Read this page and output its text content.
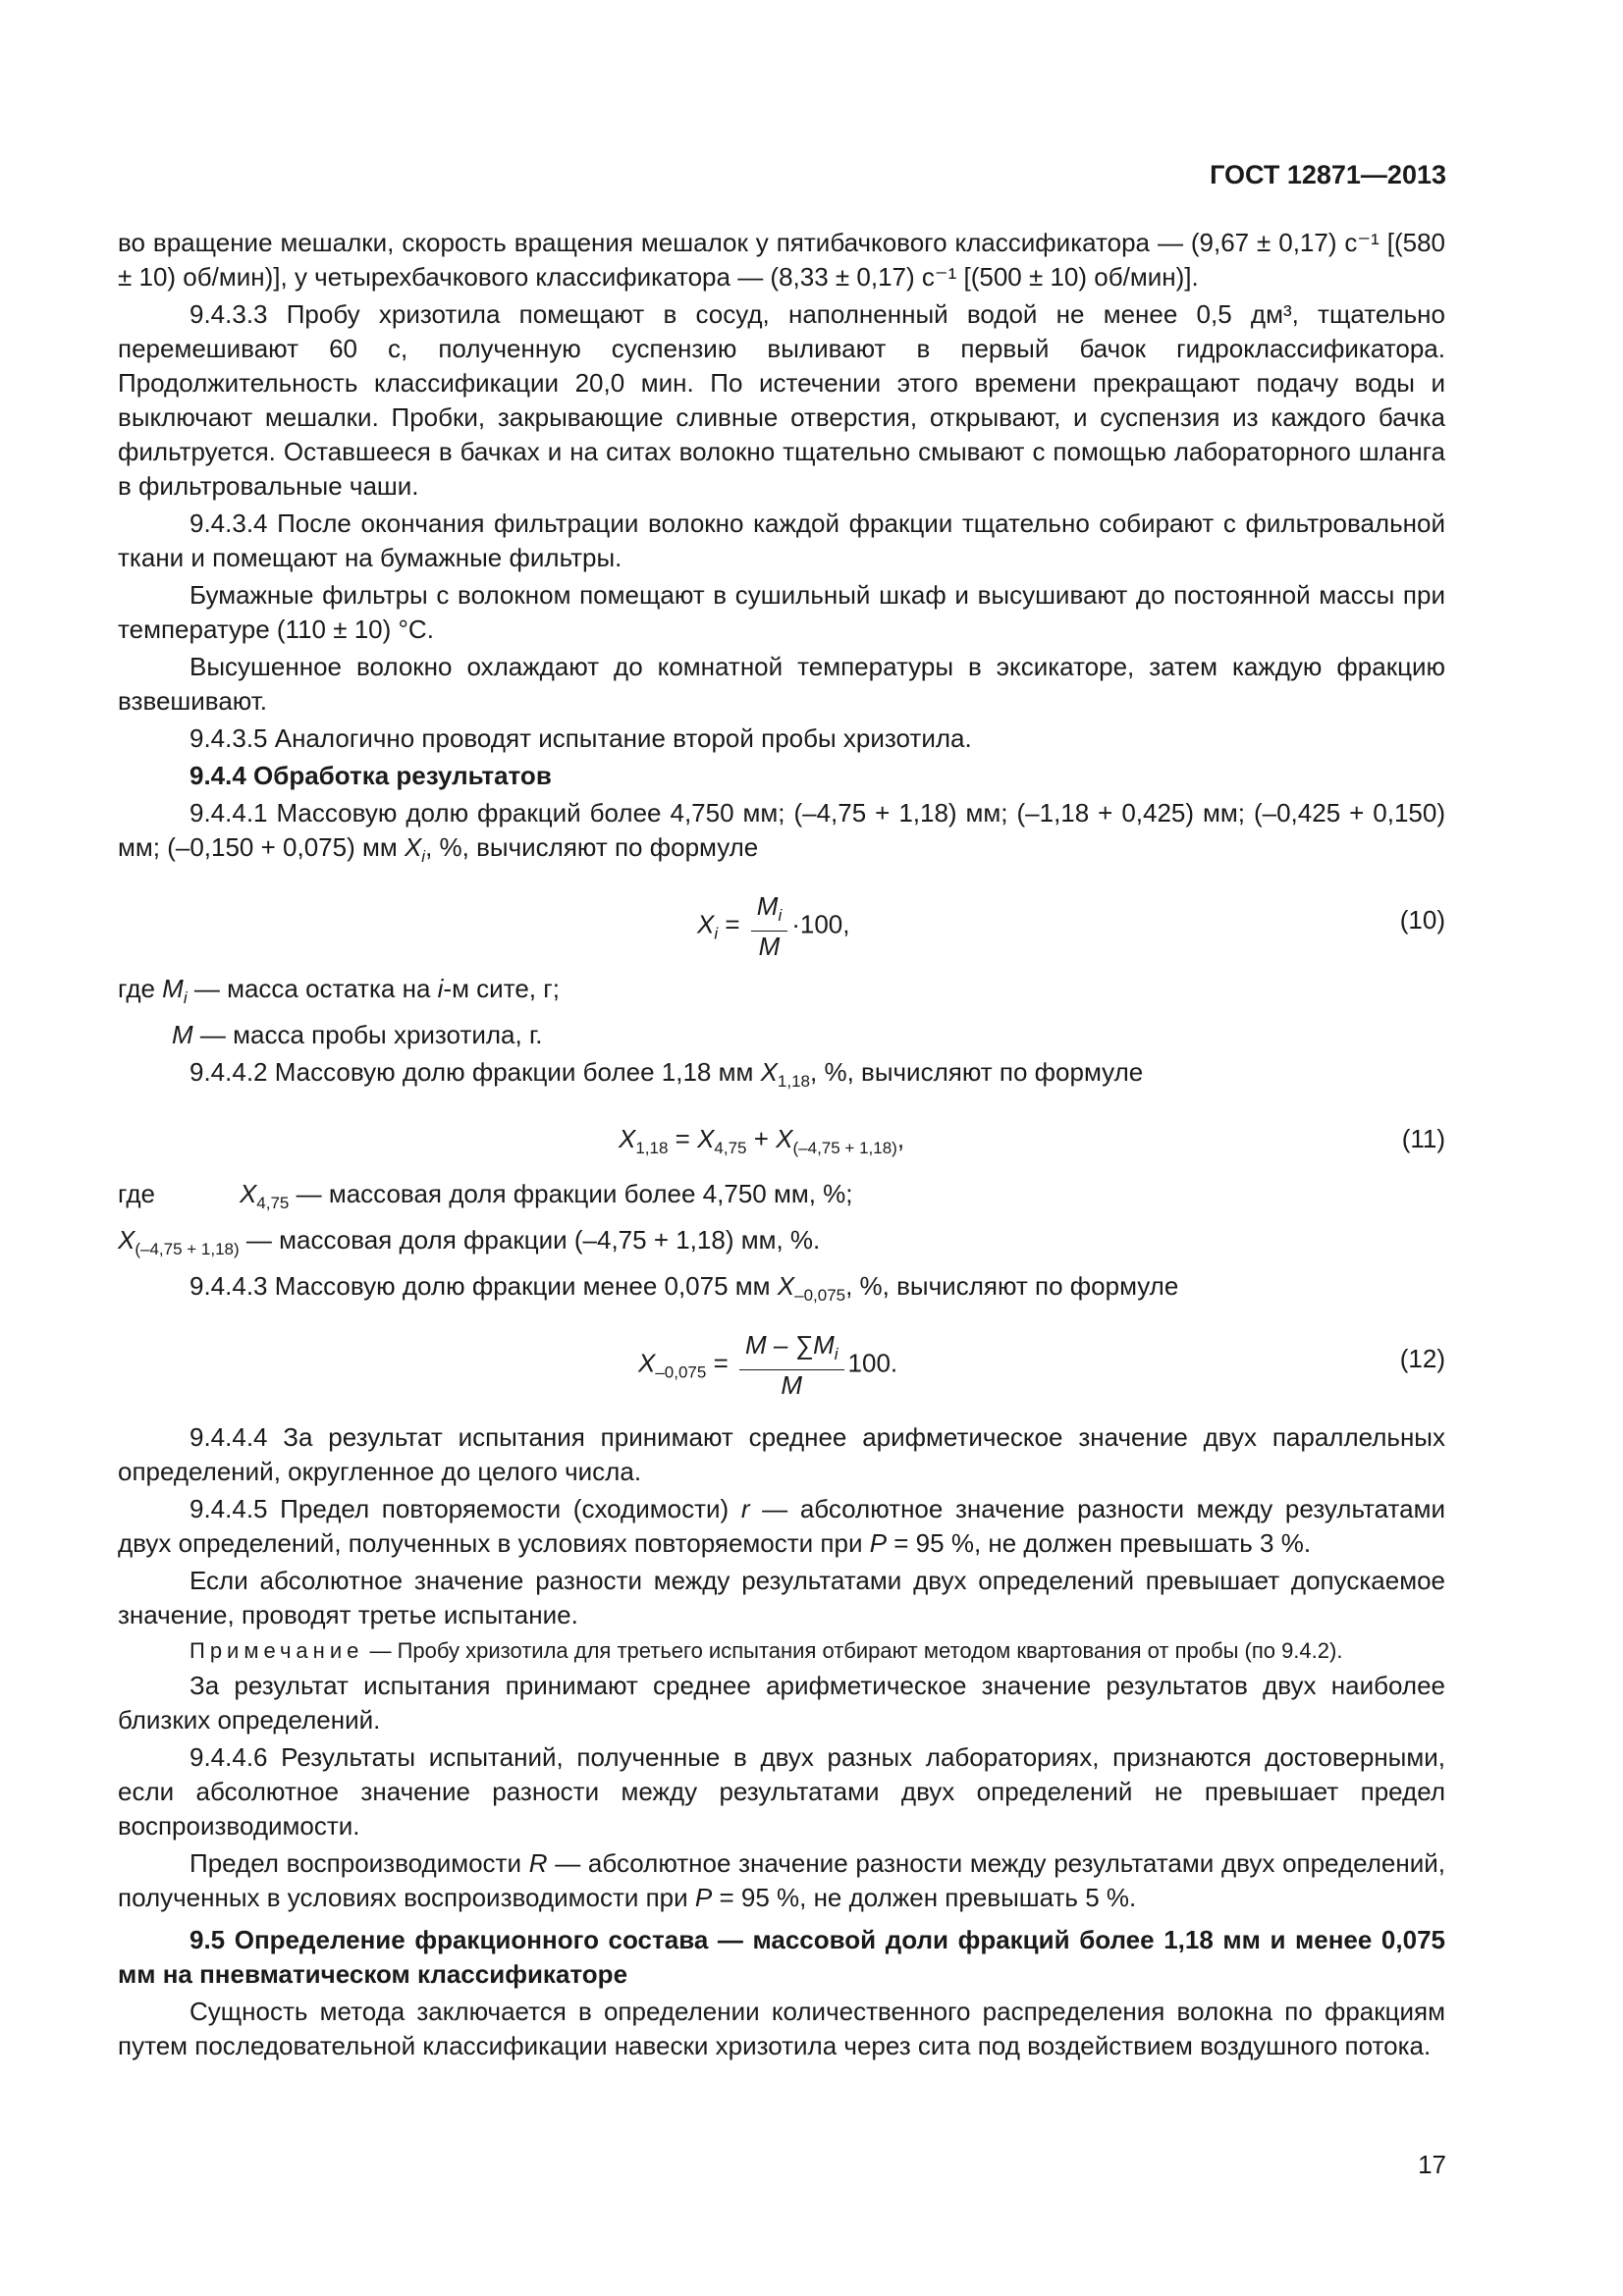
ГОСТ 12871—2013

во вращение мешалки, скорость вращения мешалок у пятибачкового классификатора — (9,67 ± 0,17) с⁻¹ [(580 ± 10) об/мин)], у четырехбачкового классификатора — (8,33 ± 0,17) с⁻¹ [(500 ± 10) об/мин)].

9.4.3.3 Пробу хризотила помещают в сосуд, наполненный водой не менее 0,5 дм³, тщательно перемешивают 60 с, полученную суспензию выливают в первый бачок гидроклассификатора. Продолжительность классификации 20,0 мин. По истечении этого времени прекращают подачу воды и выключают мешалки. Пробки, закрывающие сливные отверстия, открывают, и суспензия из каждого бачка фильтруется. Оставшееся в бачках и на ситах волокно тщательно смывают с помощью лабораторного шланга в фильтровальные чаши.

9.4.3.4 После окончания фильтрации волокно каждой фракции тщательно собирают с фильтровальной ткани и помещают на бумажные фильтры.

Бумажные фильтры с волокном помещают в сушильный шкаф и высушивают до постоянной массы при температуре (110 ± 10) °С.

Высушенное волокно охлаждают до комнатной температуры в эксикаторе, затем каждую фракцию взвешивают.

9.4.3.5 Аналогично проводят испытание второй пробы хризотила.

9.4.4 Обработка результатов

9.4.4.1 Массовую долю фракций более 4,750 мм; (–4,75 + 1,18) мм; (–1,18 + 0,425) мм; (–0,425 + 0,150) мм; (–0,150 + 0,075) мм $X_i$, %, вычисляют по формуле

$X_i = \frac{M_i}{M} \cdot 100$,	(10)

где $M_i$ — масса остатка на i-м сите, г;

M — масса пробы хризотила, г.

9.4.4.2 Массовую долю фракции более 1,18 мм $X_{1,18}$, %, вычисляют по формуле

$X_{1,18} = X_{4,75} + X_{(-4,75 + 1,18)}$,	(11)

где	$X_{4,75}$ — массовая доля фракции более 4,750 мм, %;

$X_{(-4,75 + 1,18)}$ — массовая доля фракции (–4,75 + 1,18) мм, %.

9.4.4.3 Массовую долю фракции менее 0,075 мм $X_{-0,075}$, %, вычисляют по формуле

$X_{-0,075} = \frac{M - \sum M_i}{M} 100$.	(12)

9.4.4.4 За результат испытания принимают среднее арифметическое значение двух параллельных определений, округленное до целого числа.

9.4.4.5 Предел повторяемости (сходимости) r — абсолютное значение разности между результатами двух определений, полученных в условиях повторяемости при P = 95 %, не должен превышать 3 %.

Если абсолютное значение разности между результатами двух определений превышает допускаемое значение, проводят третье испытание.

Примечание — Пробу хризотила для третьего испытания отбирают методом квартования от пробы (по 9.4.2).

За результат испытания принимают среднее арифметическое значение результатов двух наиболее близких определений.

9.4.4.6 Результаты испытаний, полученные в двух разных лабораториях, признаются достоверными, если абсолютное значение разности между результатами двух определений не превышает предел воспроизводимости.

Предел воспроизводимости R — абсолютное значение разности между результатами двух определений, полученных в условиях воспроизводимости при P = 95 %, не должен превышать 5 %.

9.5 Определение фракционного состава — массовой доли фракций более 1,18 мм и менее 0,075 мм на пневматическом классификаторе

Сущность метода заключается в определении количественного распределения волокна по фракциям путем последовательной классификации навески хризотила через сита под воздействием воздушного потока.

17
